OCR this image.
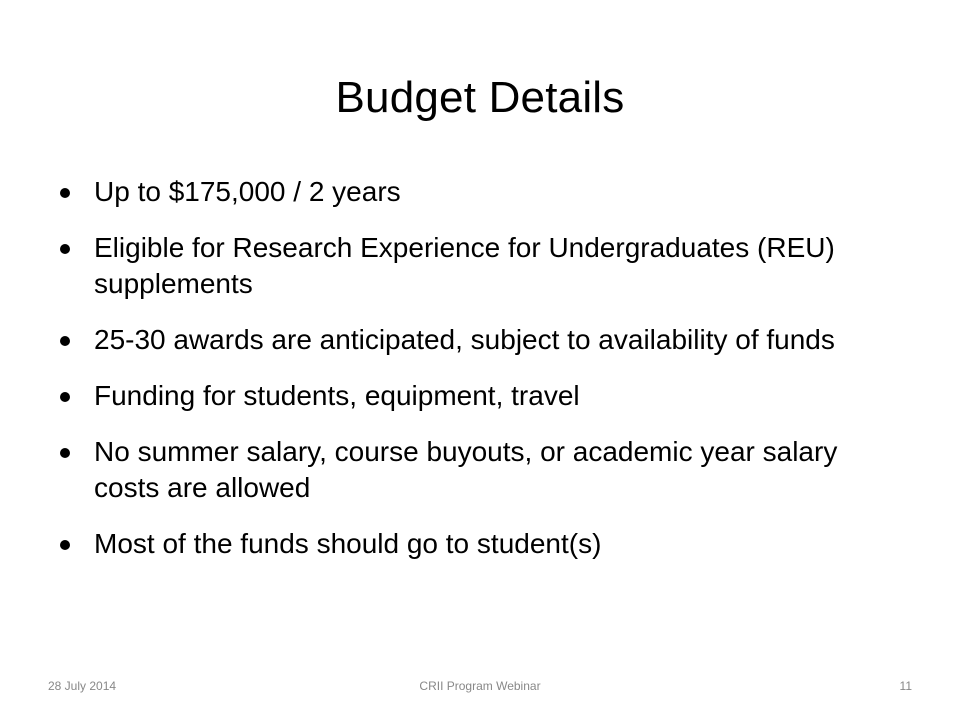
Budget Details
Up to $175,000 / 2 years
Eligible for Research Experience for Undergraduates (REU) supplements
25-30 awards are anticipated, subject to availability of funds
Funding for students, equipment, travel
No summer salary, course buyouts, or academic year salary costs are allowed
Most of the funds should go to student(s)
28 July 2014	CRII Program Webinar	11
